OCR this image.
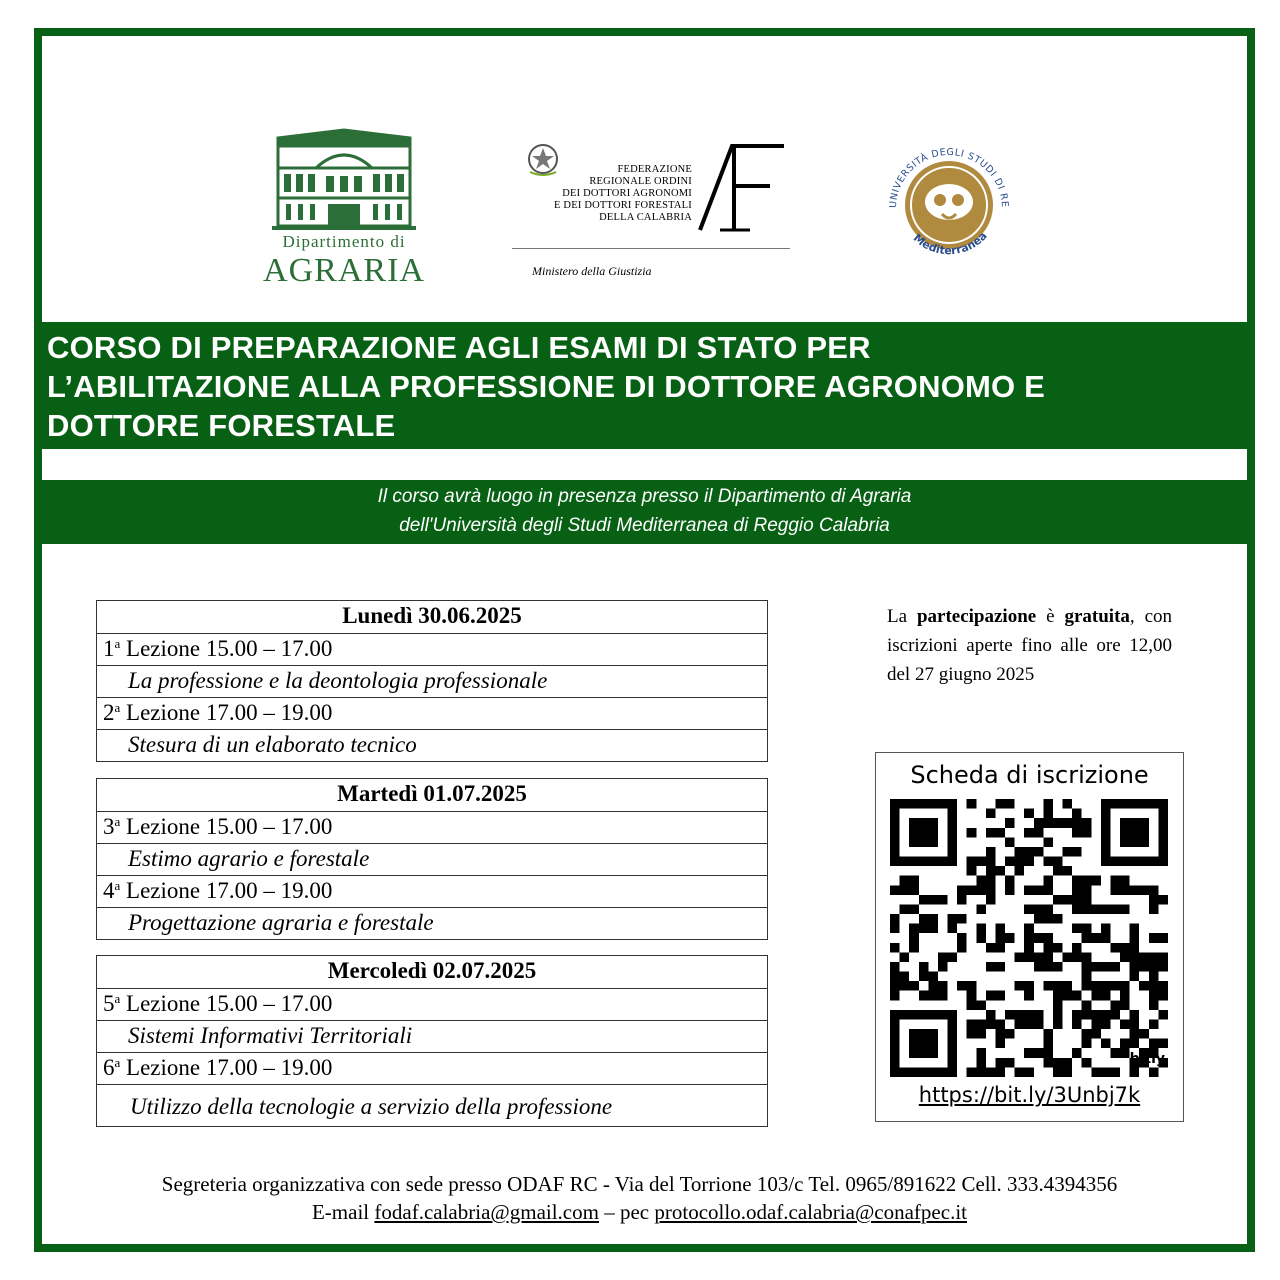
Dipartimento di
AGRARIA
FEDERAZIONE
REGIONALE ORDINI
DEI DOTTORI AGRONOMI
E DEI DOTTORI FORESTALI
DELLA CALABRIA
Ministero della Giustizia
UNIVERSITÀ DEGLI STUDI DI RE
Mediterranea
CORSO DI PREPARAZIONE AGLI ESAMI DI STATO PER
L’ABILITAZIONE ALLA PROFESSIONE DI DOTTORE AGRONOMO E
DOTTORE FORESTALE
Il corso avrà luogo in presenza presso il Dipartimento di Agraria
dell'Università degli Studi Mediterranea di Reggio Calabria
Lunedì 30.06.2025
1$^a$ Lezione 15.00 – 17.00
La professione e la deontologia professionale
2$^a$ Lezione 17.00 – 19.00
Stesura di un elaborato tecnico
Martedì 01.07.2025
3$^a$ Lezione 15.00 – 17.00
Estimo agrario e forestale
4$^a$ Lezione 17.00 – 19.00
Progettazione agraria e forestale
Mercoledì 02.07.2025
5$^a$ Lezione 15.00 – 17.00
Sistemi Informativi Territoriali
6$^a$ Lezione 17.00 – 19.00
Utilizzo della tecnologie a servizio della professione
La partecipazione è gratuita, con iscrizioni aperte fino alle ore 12,00 del 27 giugno 2025
Scheda di iscrizione
bitly
https://bit.ly/3Unbj7k
Segreteria organizzativa con sede presso ODAF RC - Via del Torrione 103/c Tel. 0965/891622 Cell. 333.4394356
E-mail fodaf.calabria@gmail.com – pec protocollo.odaf.calabria@conafpec.it
